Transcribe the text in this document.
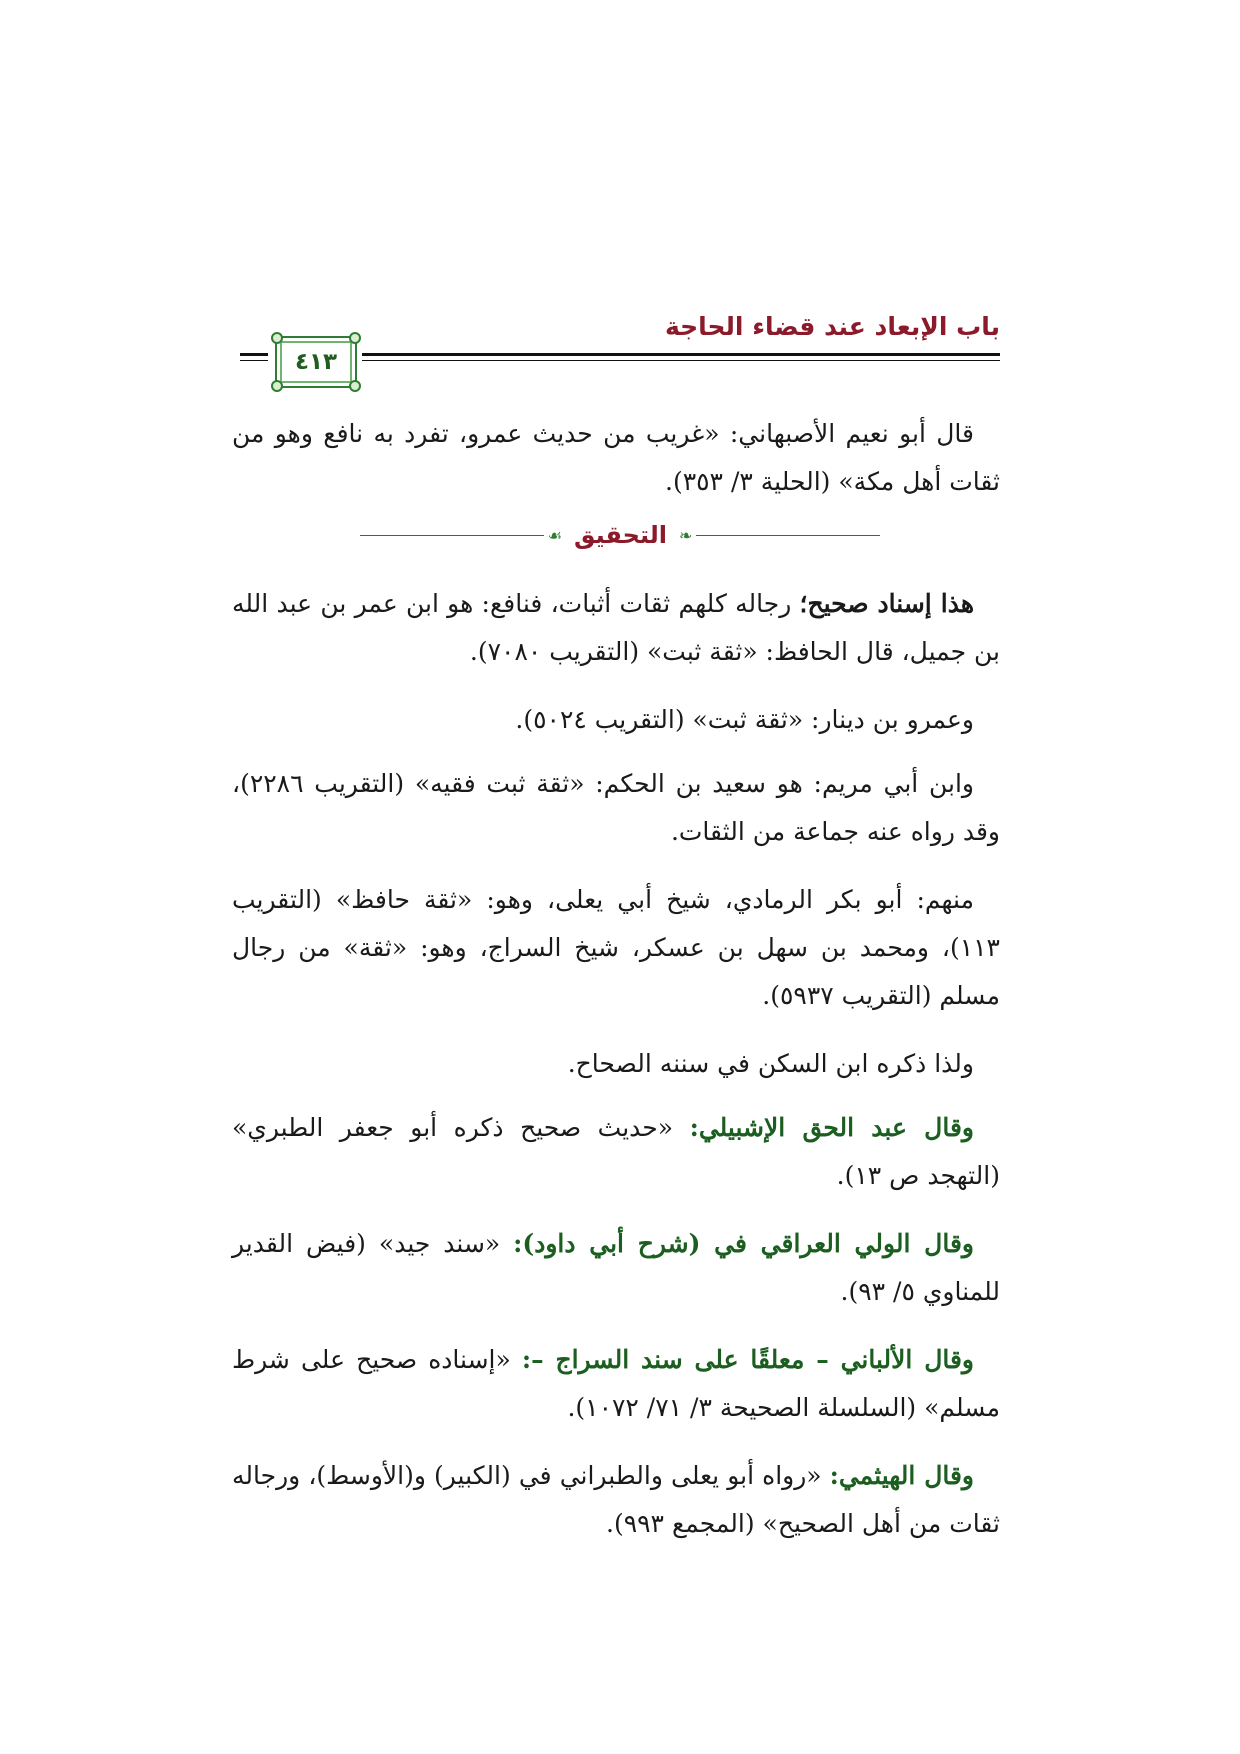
باب الإبعاد عند قضاء الحاجة
٤١٣
قال أبو نعيم الأصبهاني: «غريب من حديث عمرو، تفرد به نافع وهو من ثقات أهل مكة» (الحلية ٣/ ٣٥٣).
❧
التحقيق
☙
هذا إسناد صحيح؛ رجاله كلهم ثقات أثبات، فنافع: هو ابن عمر بن عبد الله بن جميل، قال الحافظ: «ثقة ثبت» (التقريب ٧٠٨٠).
وعمرو بن دينار: «ثقة ثبت» (التقريب ٥٠٢٤).
وابن أبي مريم: هو سعيد بن الحكم: «ثقة ثبت فقيه» (التقريب ٢٢٨٦)، وقد رواه عنه جماعة من الثقات.
منهم: أبو بكر الرمادي، شيخ أبي يعلى، وهو: «ثقة حافظ» (التقريب ١١٣)، ومحمد بن سهل بن عسكر، شيخ السراج، وهو: «ثقة» من رجال مسلم (التقريب ٥٩٣٧).
ولذا ذكره ابن السكن في سننه الصحاح.
وقال عبد الحق الإشبيلي: «حديث صحيح ذكره أبو جعفر الطبري» (التهجد ص ١٣).
وقال الولي العراقي في (شرح أبي داود): «سند جيد» (فيض القدير للمناوي ٥/ ٩٣).
وقال الألباني – معلقًا على سند السراج –: «إسناده صحيح على شرط مسلم» (السلسلة الصحيحة ٣/ ٧١/ ١٠٧٢).
وقال الهيثمي: «رواه أبو يعلى والطبراني في (الكبير) و(الأوسط)، ورجاله ثقات من أهل الصحيح» (المجمع ٩٩٣).
